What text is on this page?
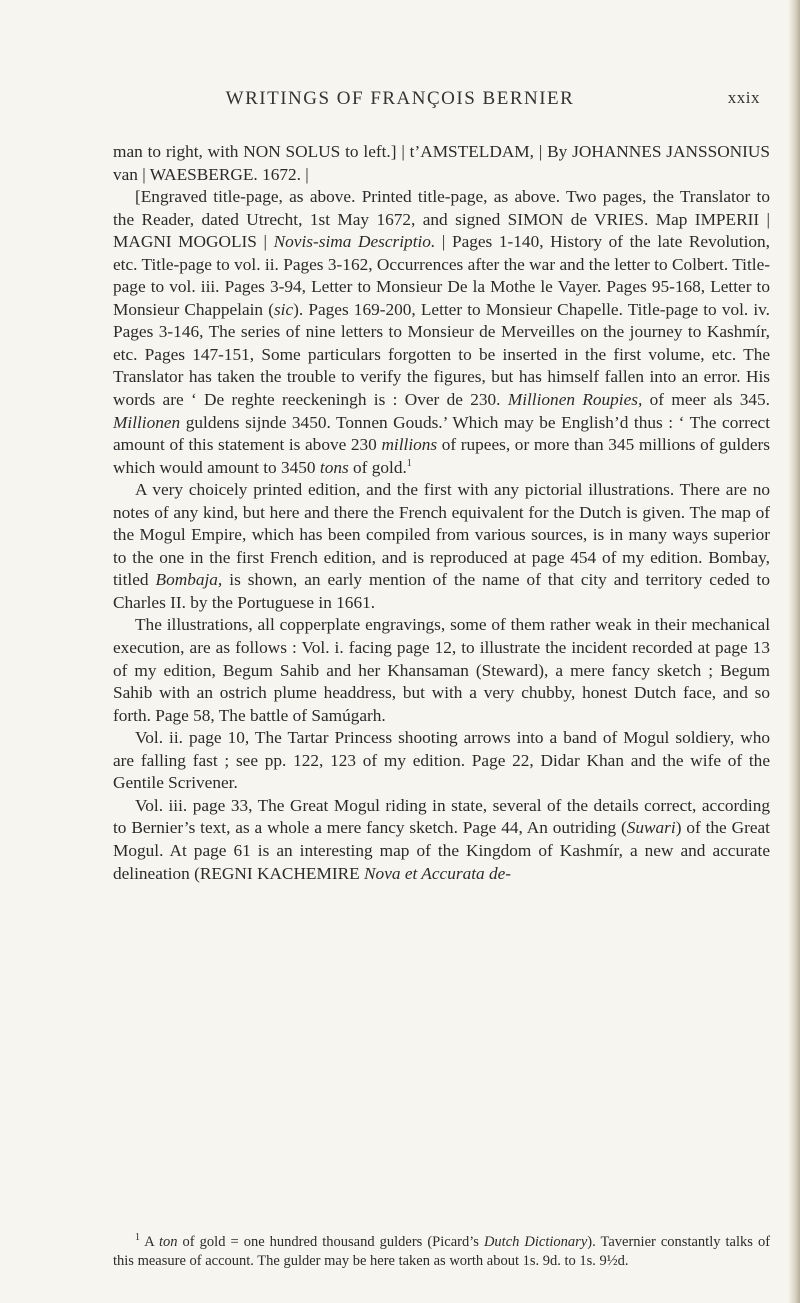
WRITINGS OF FRANÇOIS BERNIER	xxix

man to right, with NON SOLUS to left.] | t’AMSTELDAM, | By JOHANNES JANSSONIUS van | WAESBERGE. 1672. |

[Engraved title-page, as above. Printed title-page, as above. Two pages, the Translator to the Reader, dated Utrecht, 1st May 1672, and signed SIMON de VRIES. Map IMPERII | MAGNI MOGOLIS | Novis-sima Descriptio. | Pages 1-140, History of the late Revolution, etc. Title-page to vol. ii. Pages 3-162, Occurrences after the war and the letter to Colbert. Title-page to vol. iii. Pages 3-94, Letter to Monsieur De la Mothe le Vayer. Pages 95-168, Letter to Monsieur Chappelain (sic). Pages 169-200, Letter to Monsieur Chapelle. Title-page to vol. iv. Pages 3-146, The series of nine letters to Monsieur de Merveilles on the journey to Kashmír, etc. Pages 147-151, Some particulars forgotten to be inserted in the first volume, etc. The Translator has taken the trouble to verify the figures, but has himself fallen into an error. His words are ‘ De reghte reeckeningh is : Over de 230. Millionen Roupies, of meer als 345. Millionen guldens sijnde 3450. Tonnen Gouds.’ Which may be English’d thus : ‘ The correct amount of this statement is above 230 millions of rupees, or more than 345 millions of gulders which would amount to 3450 tons of gold.$^1$

A very choicely printed edition, and the first with any pictorial illustrations. There are no notes of any kind, but here and there the French equivalent for the Dutch is given. The map of the Mogul Empire, which has been compiled from various sources, is in many ways superior to the one in the first French edition, and is reproduced at page 454 of my edition. Bombay, titled Bombaja, is shown, an early mention of the name of that city and territory ceded to Charles II. by the Portuguese in 1661.

The illustrations, all copperplate engravings, some of them rather weak in their mechanical execution, are as follows : Vol. i. facing page 12, to illustrate the incident recorded at page 13 of my edition, Begum Sahib and her Khansaman (Steward), a mere fancy sketch ; Begum Sahib with an ostrich plume headdress, but with a very chubby, honest Dutch face, and so forth. Page 58, The battle of Samúgarh.

Vol. ii. page 10, The Tartar Princess shooting arrows into a band of Mogul soldiery, who are falling fast ; see pp. 122, 123 of my edition. Page 22, Didar Khan and the wife of the Gentile Scrivener.

Vol. iii. page 33, The Great Mogul riding in state, several of the details correct, according to Bernier’s text, as a whole a mere fancy sketch. Page 44, An outriding (Suwari) of the Great Mogul. At page 61 is an interesting map of the Kingdom of Kashmír, a new and accurate delineation (REGNI KACHEMIRE Nova et Accurata de-

$^1$ A ton of gold = one hundred thousand gulders (Picard’s Dutch Dictionary). Tavernier constantly talks of this measure of account. The gulder may be here taken as worth about 1s. 9d. to 1s. 9½d.
